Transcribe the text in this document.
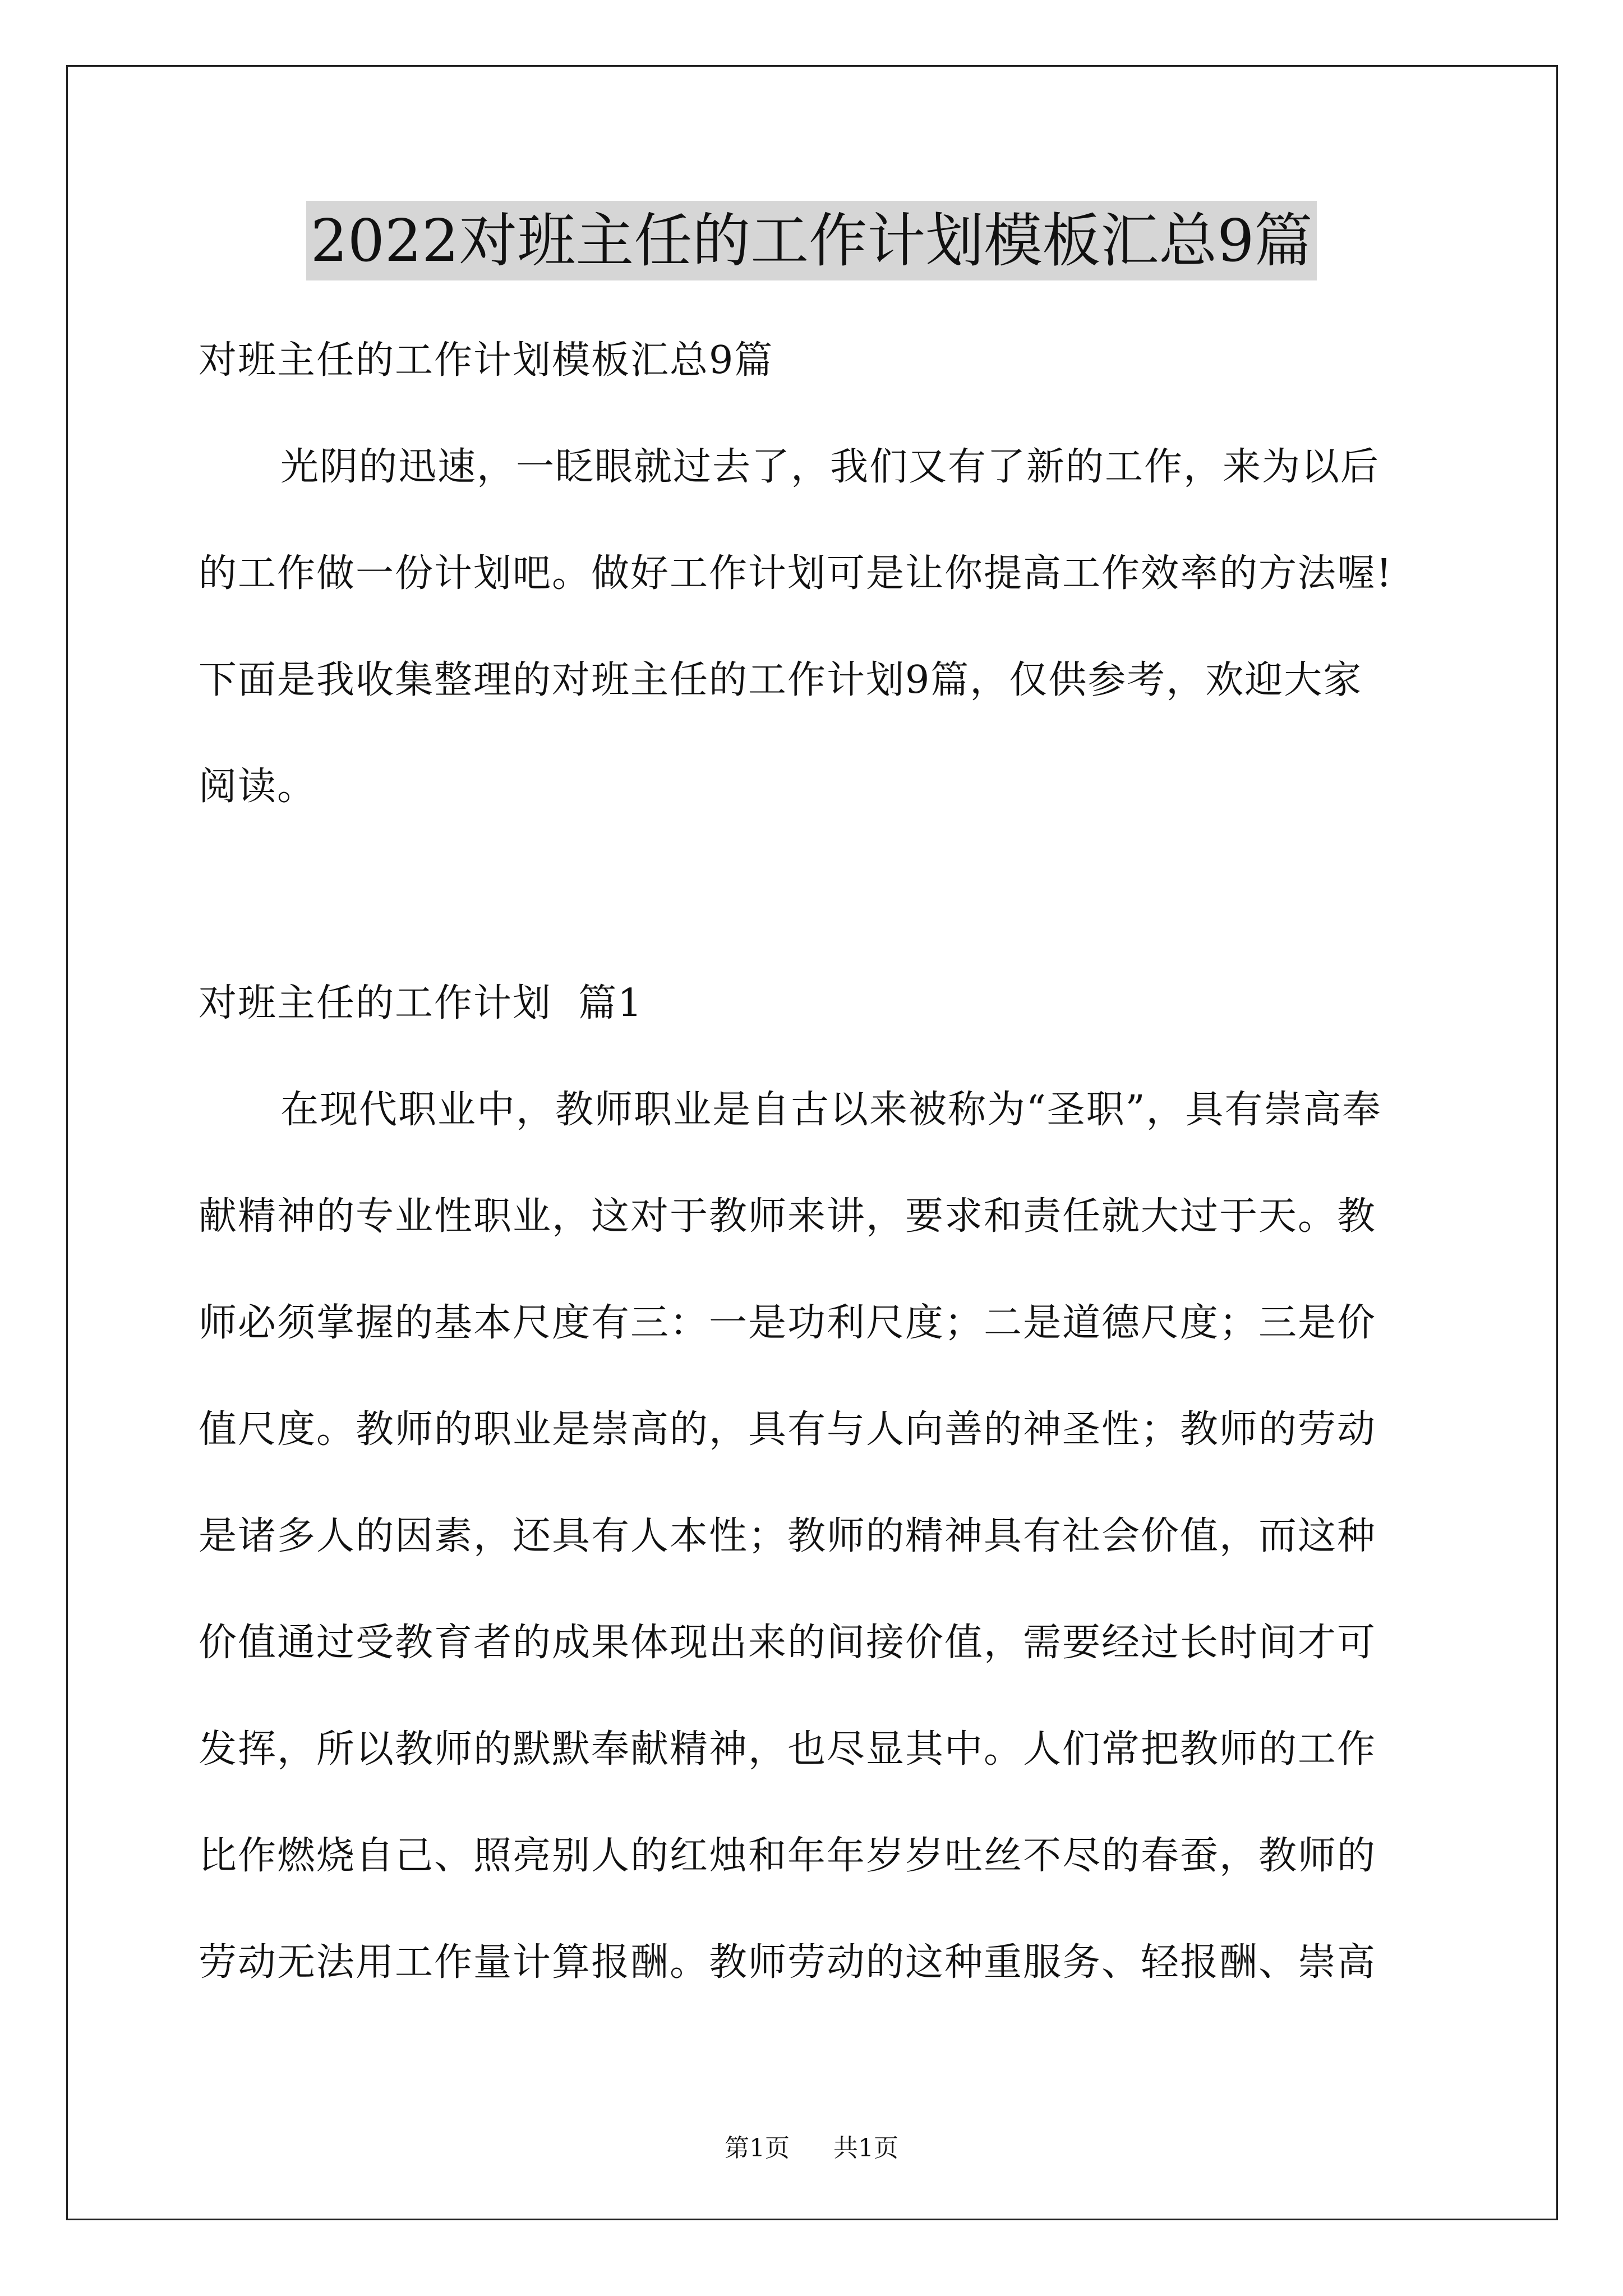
2022对班主任的工作计划模板汇总9篇
对班主任的工作计划模板汇总9篇
光阴的迅速，一眨眼就过去了，我们又有了新的工作，来为以后
的工作做一份计划吧。做好工作计划可是让你提高工作效率的方法喔!
下面是我收集整理的对班主任的工作计划9篇，仅供参考，欢迎大家
阅读。
对班主任的工作计划  篇1
在现代职业中，教师职业是自古以来被称为“圣职”，具有崇高奉
献精神的专业性职业，这对于教师来讲，要求和责任就大过于天。教
师必须掌握的基本尺度有三：一是功利尺度；二是道德尺度；三是价
值尺度。教师的职业是崇高的，具有与人向善的神圣性；教师的劳动
是诸多人的因素，还具有人本性；教师的精神具有社会价值，而这种
价值通过受教育者的成果体现出来的间接价值，需要经过长时间才可
发挥，所以教师的默默奉献精神，也尽显其中。人们常把教师的工作
比作燃烧自己、照亮别人的红烛和年年岁岁吐丝不尽的春蚕，教师的
劳动无法用工作量计算报酬。教师劳动的这种重服务、轻报酬、崇高
第1页 共1页
